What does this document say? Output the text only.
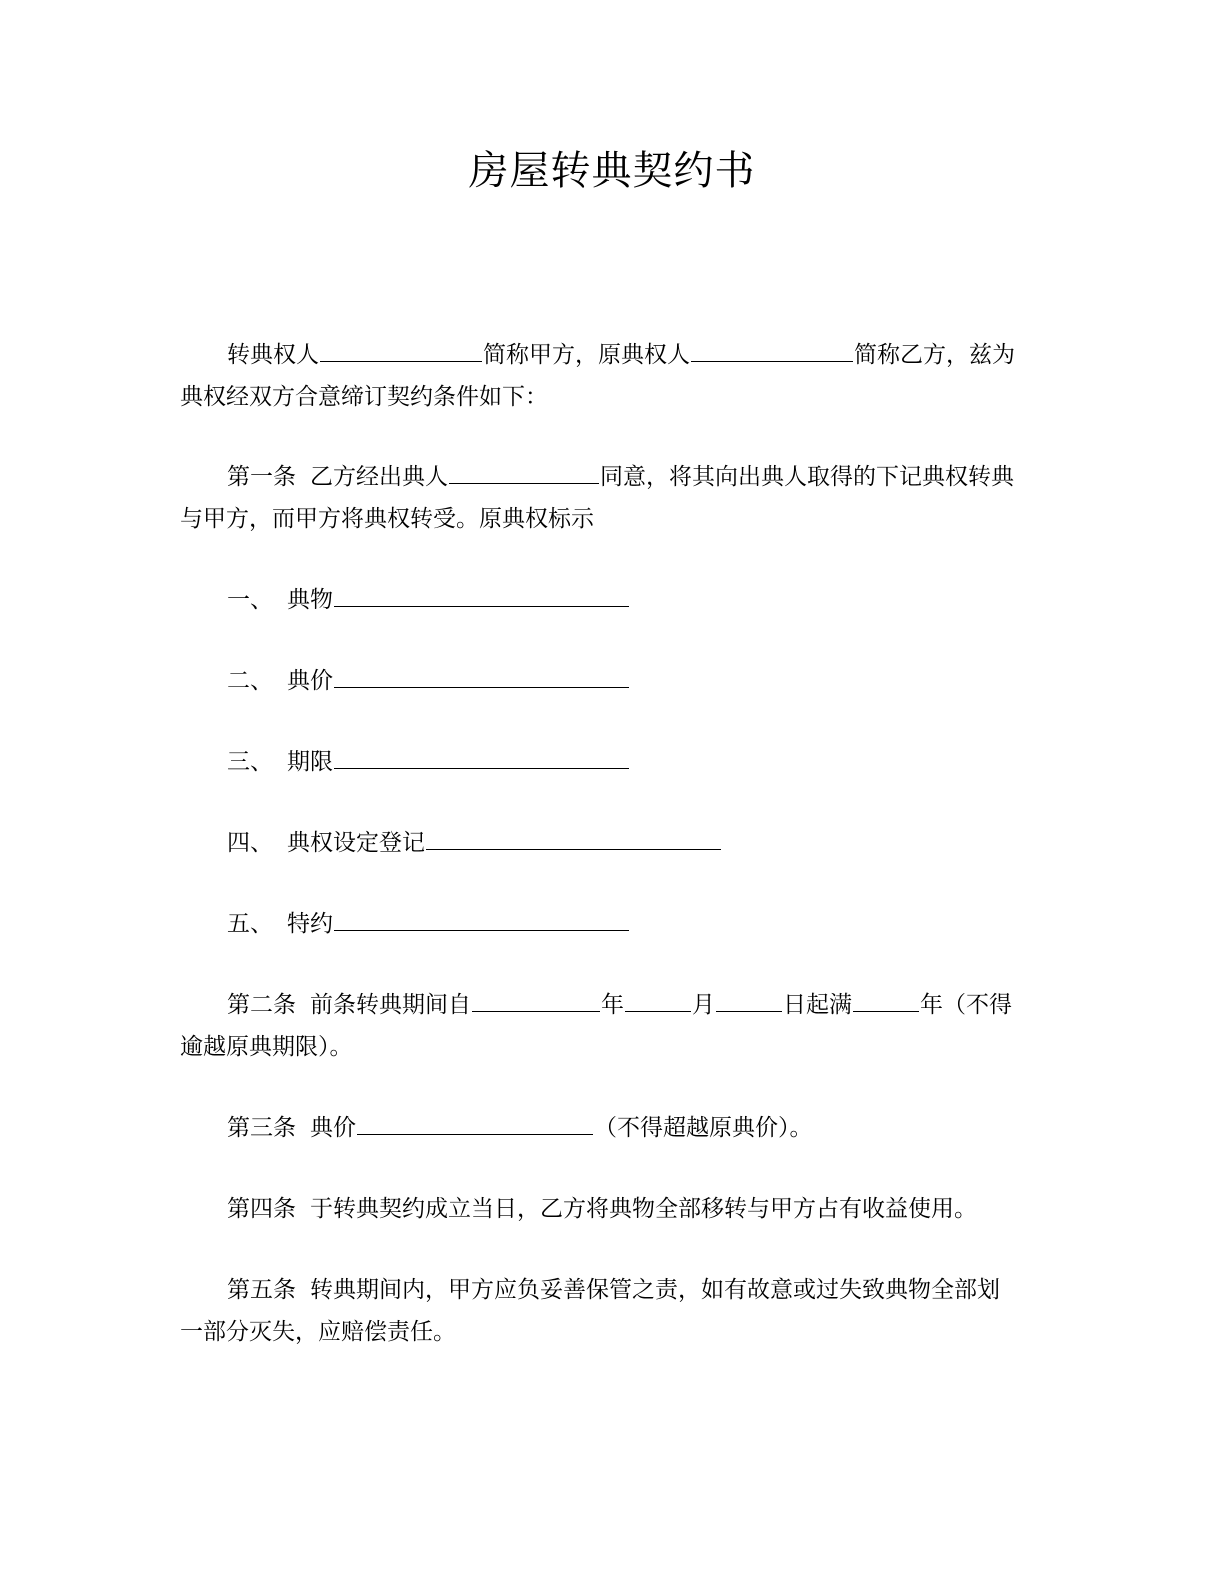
房屋转典契约书
转典权人	简称甲方，原典权人	简称乙方，兹为
典权经双方合意缔订契约条件如下：
第一条 乙方经出典人	同意，将其向出典人取得的下记典权转典
与甲方，而甲方将典权转受。原典权标示
一、 典物
二、 典价
三、 期限
四、 典权设定登记
五、 特约
第二条 前条转典期间自	年	月	日起满	年（不得
逾越原典期限）。
第三条 典价	（不得超越原典价）。
第四条 于转典契约成立当日，乙方将典物全部移转与甲方占有收益使用。
第五条 转典期间内，甲方应负妥善保管之责，如有故意或过失致典物全部划
一部分灭失，应赔偿责任。
